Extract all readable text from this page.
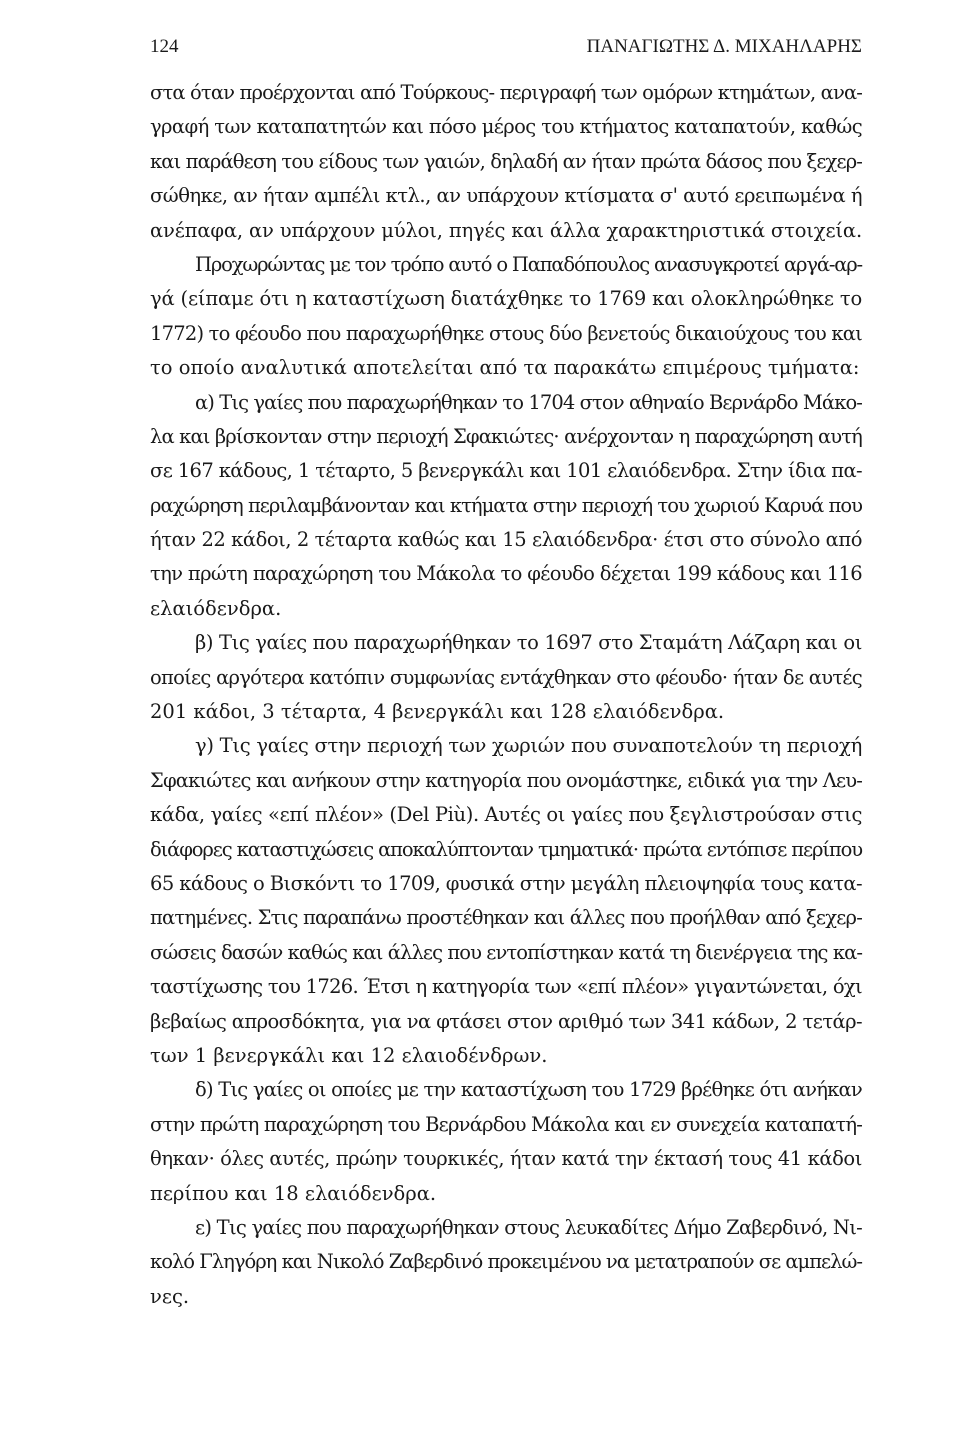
124	ΠΑΝΑΓΙΩΤΗΣ Δ. ΜΙΧΑΗΛΑΡΗΣ
στα όταν προέρχονται από Τούρκους- περιγραφή των ομόρων κτημάτων, ανα-
γραφή των καταπατητών και πόσο μέρος του κτήματος καταπατούν, καθώς
και παράθεση του είδους των γαιών, δηλαδή αν ήταν πρώτα δάσος που ξεχερ-
σώθηκε, αν ήταν αμπέλι κτλ., αν υπάρχουν κτίσματα σ' αυτό ερειπωμένα ή
ανέπαφα, αν υπάρχουν μύλοι, πηγές και άλλα χαρακτηριστικά στοιχεία.
Προχωρώντας με τον τρόπο αυτό ο Παπαδόπουλος ανασυγκροτεί αργά-αρ-
γά (είπαμε ότι η καταστίχωση διατάχθηκε το 1769 και ολοκληρώθηκε το
1772) το φέουδο που παραχωρήθηκε στους δύο βενετούς δικαιούχους του και
το οποίο αναλυτικά αποτελείται από τα παρακάτω επιμέρους τμήματα:
α) Τις γαίες που παραχωρήθηκαν το 1704 στον αθηναίο Βερνάρδο Μάκο-
λα και βρίσκονταν στην περιοχή Σφακιώτες· ανέρχονταν η παραχώρηση αυτή
σε 167 κάδους, 1 τέταρτο, 5 βενεργκάλι και 101 ελαιόδενδρα. Στην ίδια πα-
ραχώρηση περιλαμβάνονταν και κτήματα στην περιοχή του χωριού Καρυά που
ήταν 22 κάδοι, 2 τέταρτα καθώς και 15 ελαιόδενδρα· έτσι στο σύνολο από
την πρώτη παραχώρηση του Μάκολα το φέουδο δέχεται 199 κάδους και 116
ελαιόδενδρα.
β) Τις γαίες που παραχωρήθηκαν το 1697 στο Σταμάτη Λάζαρη και οι
οποίες αργότερα κατόπιν συμφωνίας εντάχθηκαν στο φέουδο· ήταν δε αυτές
201 κάδοι, 3 τέταρτα, 4 βενεργκάλι και 128 ελαιόδενδρα.
γ) Τις γαίες στην περιοχή των χωριών που συναποτελούν τη περιοχή
Σφακιώτες και ανήκουν στην κατηγορία που ονομάστηκε, ειδικά για την Λευ-
κάδα, γαίες «επί πλέον» (Del Più). Αυτές οι γαίες που ξεγλιστρούσαν στις
διάφορες καταστιχώσεις αποκαλύπτονταν τμηματικά· πρώτα εντόπισε περίπου
65 κάδους ο Βισκόντι το 1709, φυσικά στην μεγάλη πλειοψηφία τους κατα-
πατημένες. Στις παραπάνω προστέθηκαν και άλλες που προήλθαν από ξεχερ-
σώσεις δασών καθώς και άλλες που εντοπίστηκαν κατά τη διενέργεια της κα-
ταστίχωσης του 1726. Έτσι η κατηγορία των «επί πλέον» γιγαντώνεται, όχι
βεβαίως απροσδόκητα, για να φτάσει στον αριθμό των 341 κάδων, 2 τετάρ-
των 1 βενεργκάλι και 12 ελαιοδένδρων.
δ) Τις γαίες οι οποίες με την καταστίχωση του 1729 βρέθηκε ότι ανήκαν
στην πρώτη παραχώρηση του Βερνάρδου Μάκολα και εν συνεχεία καταπατή-
θηκαν· όλες αυτές, πρώην τουρκικές, ήταν κατά την έκτασή τους 41 κάδοι
περίπου και 18 ελαιόδενδρα.
ε) Τις γαίες που παραχωρήθηκαν στους λευκαδίτες Δήμο Ζαβερδινό, Νι-
κολό Γληγόρη και Νικολό Ζαβερδινό προκειμένου να μετατραπούν σε αμπελώ-
νες.
